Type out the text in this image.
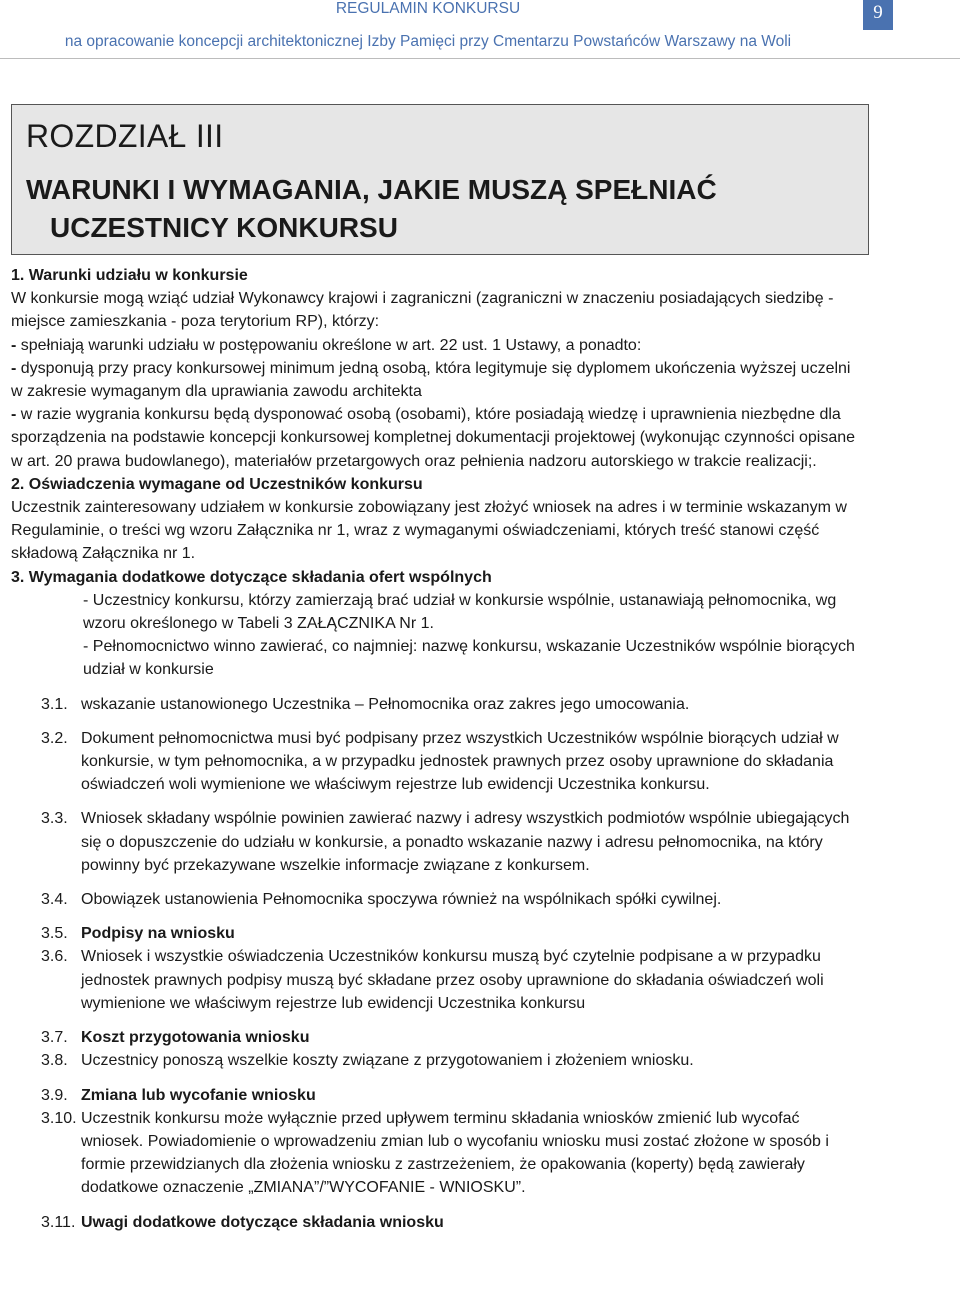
REGULAMIN KONKURSU
na opracowanie koncepcji architektonicznej Izby Pamięci przy Cmentarzu Powstańców Warszawy na Woli
9
ROZDZIAŁ III
WARUNKI I WYMAGANIA, JAKIE MUSZĄ SPEŁNIAĆ
UCZESTNICY KONKURSU

1. Warunki udziału w konkursie

W konkursie mogą wziąć udział Wykonawcy krajowi i zagraniczni (zagraniczni w znaczeniu posiadających siedzibę - miejsce zamieszkania - poza terytorium RP), którzy:

- spełniają warunki udziału w postępowaniu określone w art. 22 ust. 1 Ustawy, a ponadto:

- dysponują przy pracy konkursowej minimum jedną osobą, która legitymuje się dyplomem ukończenia wyższej uczelni w zakresie wymaganym dla uprawiania zawodu architekta

- w razie wygrania konkursu będą dysponować osobą (osobami), które posiadają wiedzę i uprawnienia niezbędne dla sporządzenia na podstawie koncepcji konkursowej kompletnej dokumentacji projektowej (wykonując czynności opisane w art. 20 prawa budowlanego), materiałów przetargowych oraz pełnienia nadzoru autorskiego w trakcie realizacji;.

2. Oświadczenia wymagane od Uczestników konkursu

Uczestnik zainteresowany udziałem w konkursie zobowiązany jest złożyć wniosek na adres i w terminie wskazanym w Regulaminie, o treści wg wzoru Załącznika nr 1, wraz z wymaganymi oświadczeniami, których treść stanowi część składową Załącznika nr 1.

3. Wymagania dodatkowe dotyczące składania ofert wspólnych

- Uczestnicy konkursu, którzy zamierzają brać udział w konkursie wspólnie, ustanawiają pełnomocnika, wg wzoru określonego w Tabeli 3 ZAŁĄCZNIKA Nr 1.

- Pełnomocnictwo winno zawierać, co najmniej: nazwę konkursu, wskazanie Uczestników wspólnie biorących udział w konkursie

3.1. wskazanie ustanowionego Uczestnika – Pełnomocnika oraz zakres jego umocowania.
3.2. Dokument pełnomocnictwa musi być podpisany przez wszystkich Uczestników wspólnie biorących udział w konkursie, w tym pełnomocnika, a w przypadku jednostek prawnych przez osoby uprawnione do składania oświadczeń woli wymienione we właściwym rejestrze lub ewidencji Uczestnika konkursu.
3.3. Wniosek składany wspólnie powinien zawierać nazwy i adresy wszystkich podmiotów wspólnie ubiegających się o dopuszczenie do udziału w konkursie, a ponadto wskazanie nazwy i adresu pełnomocnika, na który powinny być przekazywane wszelkie informacje związane z konkursem.
3.4. Obowiązek ustanowienia Pełnomocnika spoczywa również na wspólnikach spółki cywilnej.
3.5. Podpisy na wniosku
3.6. Wniosek i wszystkie oświadczenia Uczestników konkursu muszą być czytelnie podpisane a w przypadku jednostek prawnych podpisy muszą być składane przez osoby uprawnione do składania oświadczeń woli wymienione we właściwym rejestrze lub ewidencji Uczestnika konkursu
3.7. Koszt przygotowania wniosku
3.8. Uczestnicy ponoszą wszelkie koszty związane z przygotowaniem i złożeniem wniosku.
3.9. Zmiana lub wycofanie wniosku
3.10. Uczestnik konkursu może wyłącznie przed upływem terminu składania wniosków zmienić lub wycofać wniosek. Powiadomienie o wprowadzeniu zmian lub o wycofaniu wniosku musi zostać złożone w sposób i formie przewidzianych dla złożenia wniosku z zastrzeżeniem, że opakowania (koperty) będą zawierały dodatkowe oznaczenie „ZMIANA”/”WYCOFANIE - WNIOSKU”.
3.11. Uwagi dodatkowe dotyczące składania wniosku
